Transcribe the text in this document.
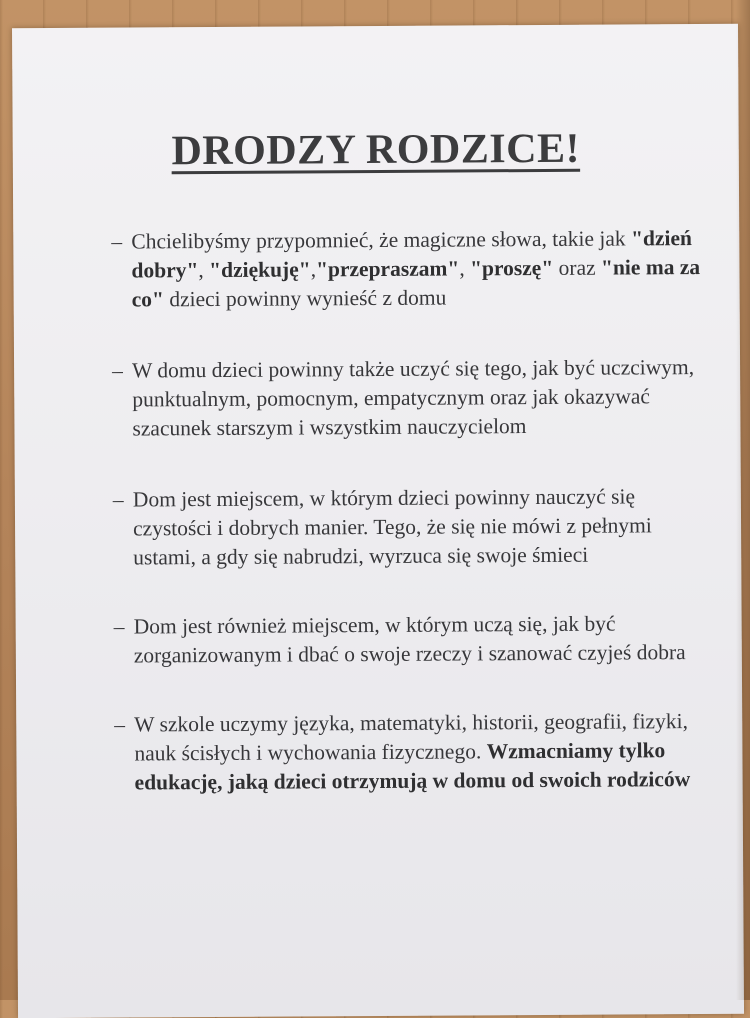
DRODZY RODZICE!
– Chcielibyśmy przypomnieć, że magiczne słowa, takie jak "dzień dobry", "dziękuję","przepraszam", "proszę" oraz "nie ma za co" dzieci powinny wynieść z domu
– W domu dzieci powinny także uczyć się tego, jak być uczciwym, punktualnym, pomocnym, empatycznym oraz jak okazywać szacunek starszym i wszystkim nauczycielom
– Dom jest miejscem, w którym dzieci powinny nauczyć się czystości i dobrych manier. Tego, że się nie mówi z pełnymi ustami, a gdy się nabrudzi, wyrzuca się swoje śmieci
– Dom jest również miejscem, w którym uczą się, jak być zorganizowanym i dbać o swoje rzeczy i szanować czyjeś dobra
– W szkole uczymy języka, matematyki, historii, geografii, fizyki, nauk ścisłych i wychowania fizycznego. Wzmacniamy tylko edukację, jaką dzieci otrzymują w domu od swoich rodziców
